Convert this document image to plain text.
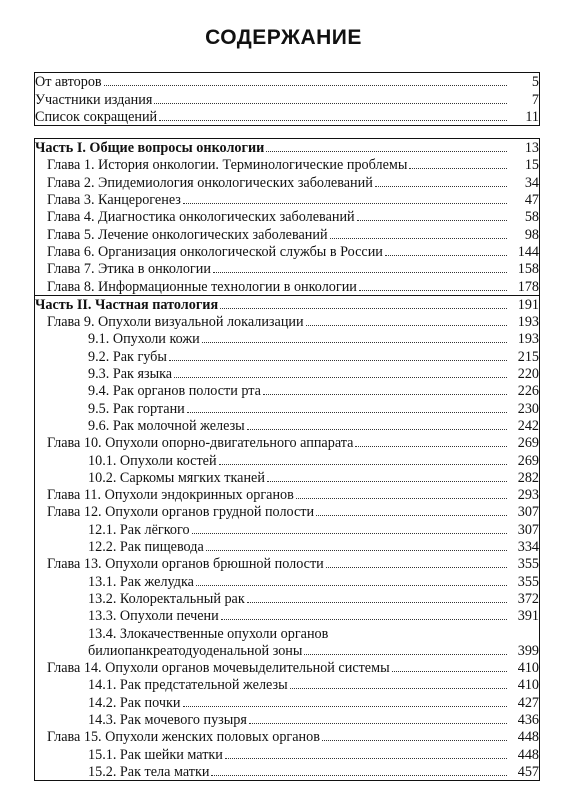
СОДЕРЖАНИЕ
От авторов	5

Участники издания	7

Список сокращений	11

Часть I. Общие вопросы онкологии	13

Глава 1. История онкологии. Терминологические проблемы	15

Глава 2. Эпидемиология онкологических заболеваний	34

Глава 3. Канцерогенез	47

Глава 4. Диагностика онкологических заболеваний	58

Глава 5. Лечение онкологических заболеваний	98

Глава 6. Организация онкологической службы в России	144

Глава 7. Этика в онкологии	158

Глава 8. Информационные технологии в онкологии	178

Часть II. Частная патология	191

Глава 9. Опухоли визуальной локализации	193

9.1. Опухоли кожи	193

9.2. Рак губы	215

9.3. Рак языка	220

9.4. Рак органов полости рта	226

9.5. Рак гортани	230

9.6. Рак молочной железы	242

Глава 10. Опухоли опорно-двигательного аппарата	269

10.1. Опухоли костей	269

10.2. Саркомы мягких тканей	282

Глава 11. Опухоли эндокринных органов	293

Глава 12. Опухоли органов грудной полости	307

12.1. Рак лёгкого	307

12.2. Рак пищевода	334

Глава 13. Опухоли органов брюшной полости	355

13.1. Рак желудка	355

13.2. Колоректальный рак	372

13.3. Опухоли печени	391

13.4. Злокачественные опухоли органов	

билиопанкреатодуоденальной зоны	399

Глава 14. Опухоли органов мочевыделительной системы	410

14.1. Рак предстательной железы	410

14.2. Рак почки	427

14.3. Рак мочевого пузыря	436

Глава 15. Опухоли женских половых органов	448

15.1. Рак шейки матки	448

15.2. Рак тела матки	457
